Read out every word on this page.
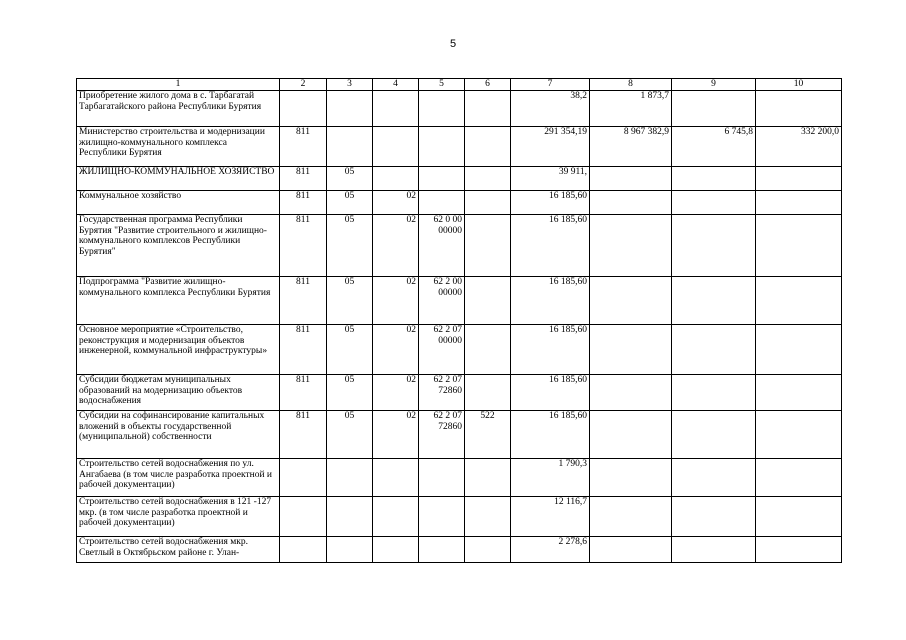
5
1	2	3	4	5	6	7	8	9	10
Приобретение жилого дома в с. Тарбагатай Тарбагатайского района Республики Бурятия						38,2	1 873,7		
Министерство строительства и модернизации жилищно-коммунального комплекса Республики Бурятия	811					291 354,19	8 967 382,9	6 745,8	332 200,0
ЖИЛИЩНО-КОММУНАЛЬНОЕ ХОЗЯЙСТВО	811	05				39 911,			
Коммунальное хозяйство	811	05	02			16 185,60			
Государственная программа Республики Бурятия "Развитие строительного и жилищно-коммунального комплексов Республики Бурятия"	811	05	02	62 0 00 00000		16 185,60			
Подпрограмма "Развитие жилищно-коммунального комплекса Республики Бурятия	811	05	02	62 2 00 00000		16 185,60			
Основное мероприятие «Строительство, реконструкция и модернизация объектов инженерной, коммунальной инфраструктуры»	811	05	02	62 2 07 00000		16 185,60			
Субсидии бюджетам муниципальных образований на модернизацию объектов водоснабжения	811	05	02	62 2 07 72860		16 185,60			
Субсидии на софинансирование капитальных вложений в объекты государственной (муниципальной) собственности	811	05	02	62 2 07 72860	522	16 185,60			
Строительство сетей водоснабжения по ул. Ангабаева (в том числе разработка проектной и рабочей документации)						1 790,3			
Строительство сетей водоснабжения в 121 -127 мкр. (в том числе разработка проектной и рабочей документации)						12 116,7			
Строительство сетей водоснабжения мкр. Светлый в Октябрьском районе г. Улан-						2 278,6			
